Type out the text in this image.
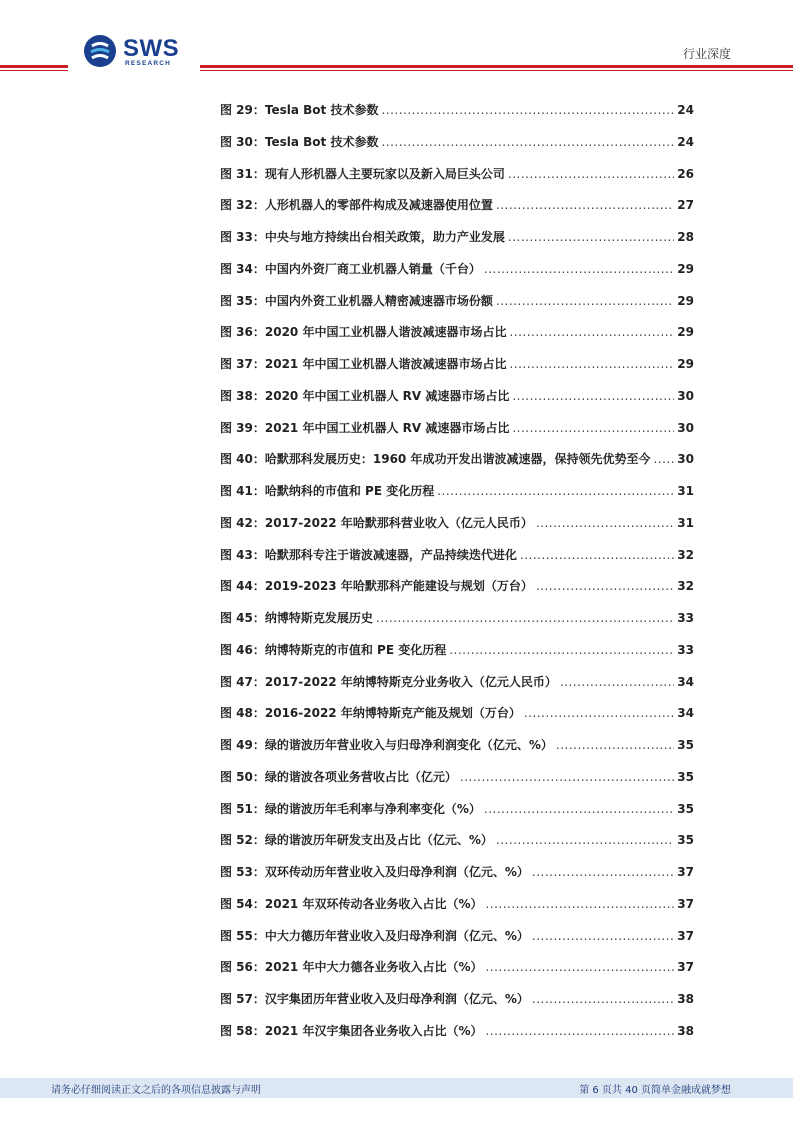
SWS
RESEARCH
行业深度
图 29：Tesla Bot 技术参数 .....	24
图 30：Tesla Bot 技术参数 .....	24
图 31：现有人形机器人主要玩家以及新入局巨头公司 .....	26
图 32：人形机器人的零部件构成及减速器使用位置 .....	27
图 33：中央与地方持续出台相关政策，助力产业发展 .....	28
图 34：中国内外资厂商工业机器人销量（千台） .....	29
图 35：中国内外资工业机器人精密减速器市场份额 .....	29
图 36：2020 年中国工业机器人谐波减速器市场占比 .....	29
图 37：2021 年中国工业机器人谐波减速器市场占比 .....	29
图 38：2020 年中国工业机器人 RV 减速器市场占比 .....	30
图 39：2021 年中国工业机器人 RV 减速器市场占比 .....	30
图 40：哈默那科发展历史：1960 年成功开发出谐波减速器，保持领先优势至今 ..... 30
图 41：哈默纳科的市值和 PE 变化历程 .....	31
图 42：2017-2022 年哈默那科营业收入（亿元人民币） .....	31
图 43：哈默那科专注于谐波减速器，产品持续迭代进化 .....	32
图 44：2019-2023 年哈默那科产能建设与规划（万台） .....	32
图 45：纳博特斯克发展历史 .....	33
图 46：纳博特斯克的市值和 PE 变化历程 .....	33
图 47：2017-2022 年纳博特斯克分业务收入（亿元人民币） .....	34
图 48：2016-2022 年纳博特斯克产能及规划（万台） .....	34
图 49：绿的谐波历年营业收入与归母净利润变化（亿元、%） .....	35
图 50：绿的谐波各项业务营收占比（亿元） .....	35
图 51：绿的谐波历年毛利率与净利率变化（%） .....	35
图 52：绿的谐波历年研发支出及占比（亿元、%） .....	35
图 53：双环传动历年营业收入及归母净利润（亿元、%） .....	37
图 54：2021 年双环传动各业务收入占比（%） .....	37
图 55：中大力德历年营业收入及归母净利润（亿元、%） .....	37
图 56：2021 年中大力德各业务收入占比（%） .....	37
图 57：汉宇集团历年营业收入及归母净利润（亿元、%） .....	38
图 58：2021 年汉宇集团各业务收入占比（%） .....	38
请务必仔细阅读正文之后的各项信息披露与声明	第 6 页共 40 页简单金融成就梦想
